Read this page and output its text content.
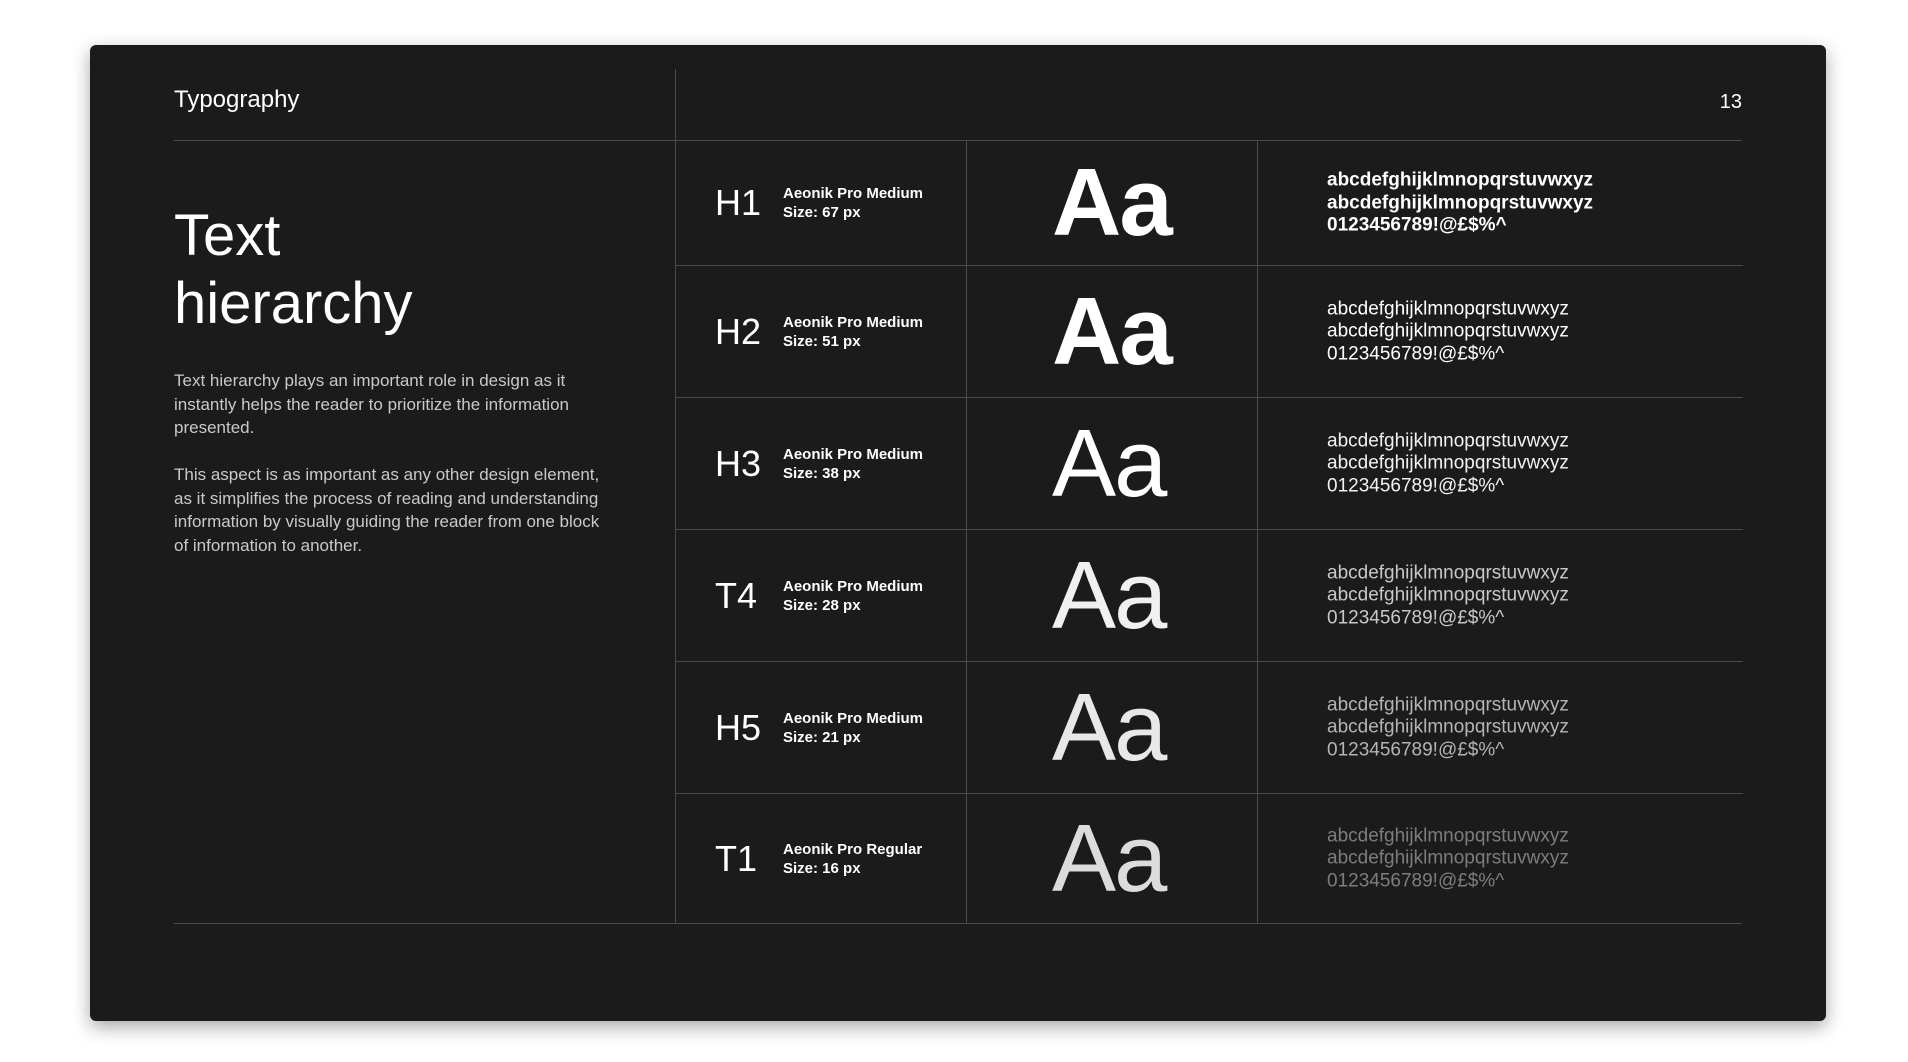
Typography	13
Text
hierarchy

Text hierarchy plays an important role in design as it instantly helps the reader to prioritize the information presented.

This aspect is as important as any other design element, as it simplifies the process of reading and understanding information by visually guiding the reader from one block of information to another.

H1 Aeonik Pro Medium
Size: 67 px	Aa	abcdefghijklmnopqrstuvwxyz
abcdefghijklmnopqrstuvwxyz
0123456789!@£$%^
H2 Aeonik Pro Medium
Size: 51 px	Aa	abcdefghijklmnopqrstuvwxyz
abcdefghijklmnopqrstuvwxyz
0123456789!@£$%^
H3 Aeonik Pro Medium
Size: 38 px	Aa	abcdefghijklmnopqrstuvwxyz
abcdefghijklmnopqrstuvwxyz
0123456789!@£$%^
T4 Aeonik Pro Medium
Size: 28 px	Aa	abcdefghijklmnopqrstuvwxyz
abcdefghijklmnopqrstuvwxyz
0123456789!@£$%^
H5 Aeonik Pro Medium
Size: 21 px	Aa	abcdefghijklmnopqrstuvwxyz
abcdefghijklmnopqrstuvwxyz
0123456789!@£$%^
T1 Aeonik Pro Regular
Size: 16 px	Aa	abcdefghijklmnopqrstuvwxyz
abcdefghijklmnopqrstuvwxyz
0123456789!@£$%^
